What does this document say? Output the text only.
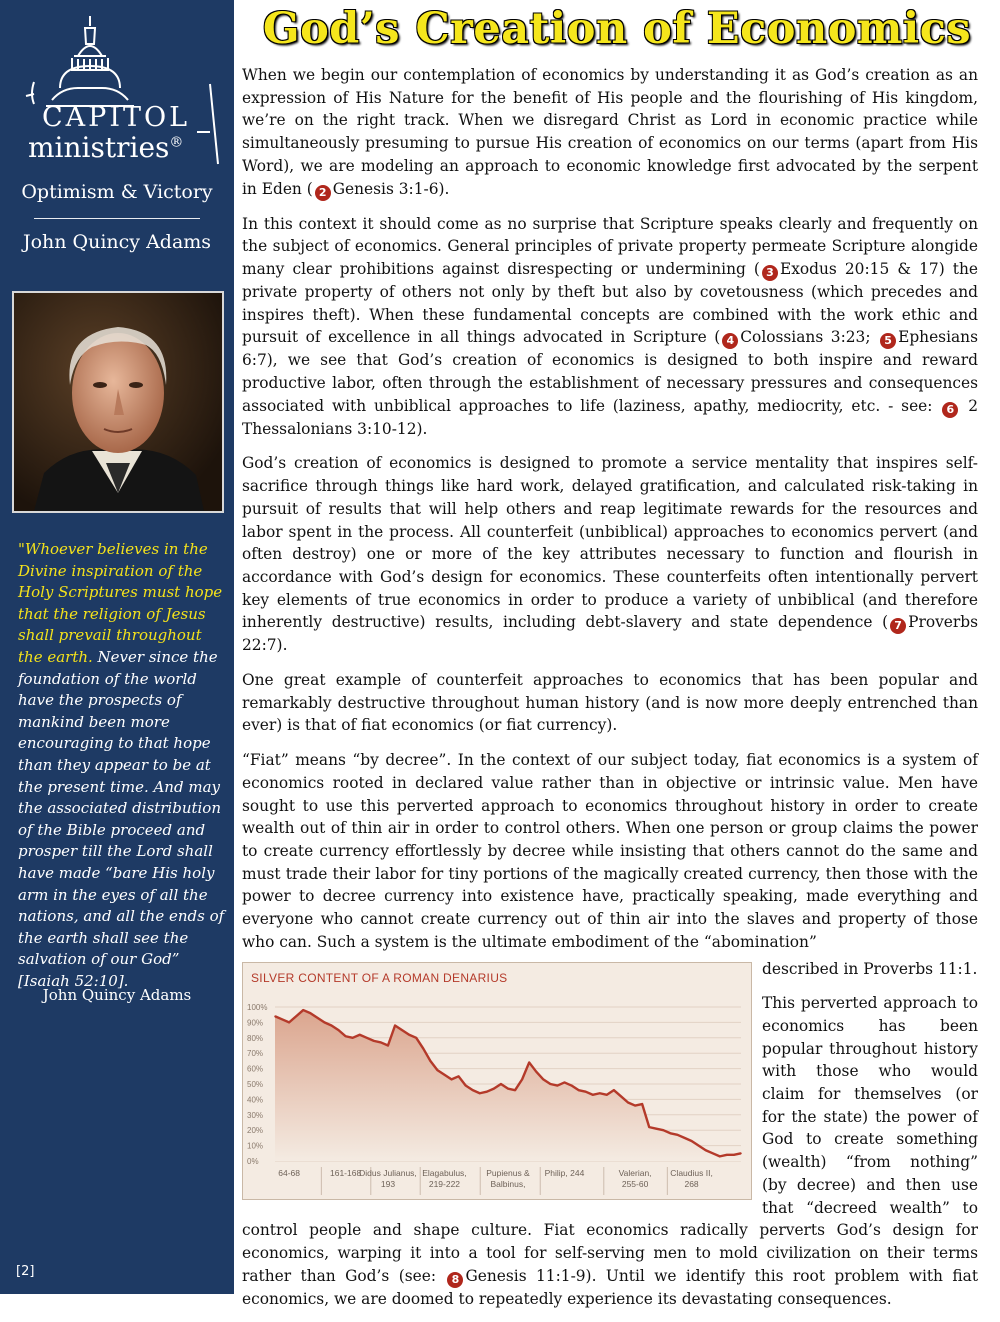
CAPITOL
ministries®
Optimism & Victory
John Quincy Adams
"Whoever believes in the Divine inspiration of the Holy Scriptures must hope that the religion of Jesus shall prevail throughout the earth. Never since the foundation of the world have the prospects of mankind been more encouraging to that hope than they appear to be at the present time. And may the associated distribution of the Bible proceed and prosper till the Lord shall have made “bare His holy arm in the eyes of all the nations, and all the ends of the earth shall see the salvation of our God” [Isaiah 52:10].
John Quincy Adams
[2]
God’s Creation of Economics

When we begin our contemplation of economics by understanding it as God’s creation as an expression of His Nature for the benefit of His people and the flourishing of His kingdom, we’re on the right track. When we disregard Christ as Lord in economic practice while simultaneously presuming to pursue His creation of economics on our terms (apart from His Word), we are modeling an approach to economic knowledge first advocated by the serpent in Eden ( 2 Genesis 3:1-6).

In this context it should come as no surprise that Scripture speaks clearly and frequently on the subject of economics. General principles of private property permeate Scripture alongide many clear prohibitions against disrespecting or undermining ( 3 Exodus 20:15 & 17) the private property of others not only by theft but also by covetousness (which precedes and inspires theft). When these fundamental concepts are combined with the work ethic and pursuit of excellence in all things advocated in Scripture ( 4 Colossians 3:23; 5 Ephesians 6:7), we see that God’s creation of economics is designed to both inspire and reward productive labor, often through the establishment of necessary pressures and consequences associated with unbiblical approaches to life (laziness, apathy, mediocrity, etc. - see: 6 2 Thessalonians 3:10-12).

God’s creation of economics is designed to promote a service mentality that inspires self-sacrifice through things like hard work, delayed gratification, and calculated risk-taking in pursuit of results that will help others and reap legitimate rewards for the resources and labor spent in the process. All counterfeit (unbiblical) approaches to economics pervert (and often destroy) one or more of the key attributes necessary to function and flourish in accordance with God’s design for economics. These counterfeits often intentionally pervert key elements of true economics in order to produce a variety of unbiblical (and therefore inherently destructive) results, including debt-slavery and state dependence ( 7 Proverbs 22:7).

One great example of counterfeit approaches to economics that has been popular and remarkably destructive throughout human history (and is now more deeply entrenched than ever) is that of fiat economics (or fiat currency).

“Fiat” means “by decree”. In the context of our subject today, fiat economics is a system of economics rooted in declared value rather than in objective or intrinsic value. Men have sought to use this perverted approach to economics throughout history in order to create wealth out of thin air in order to control others. When one person or group claims the power to create currency effortlessly by decree while insisting that others cannot do the same and must trade their labor for tiny portions of the magically created currency, then those with the power to decree currency into existence have, practically speaking, made everything and everyone who cannot create currency out of thin air into the slaves and property of those who can. Such a system is the ultimate embodiment of the “abomination”

SILVER CONTENT OF A ROMAN DENARIUS
0%
10%
20%
30%
40%
50%
60%
70%
80%
90%
100%
64-68	161-168
Didus Julianus,
193
Elagabulus,
219-222
Pupienus &
Balbinus,
Philip, 244	Valerian,
255-60
Claudius II,
268

described in Proverbs 11:1.

This perverted approach to economics has been popular throughout history with those who would claim for themselves (or for the state) the power of God to create something (wealth) “from nothing” (by decree) and then use that “decreed wealth” to control people and shape culture. Fiat economics radically perverts God’s design for economics, warping it into a tool for self-serving men to mold civilization on their terms rather than God’s (see: 8 Genesis 11:1-9). Until we identify this root problem with fiat economics, we are doomed to repeatedly experience its devastating consequences.
